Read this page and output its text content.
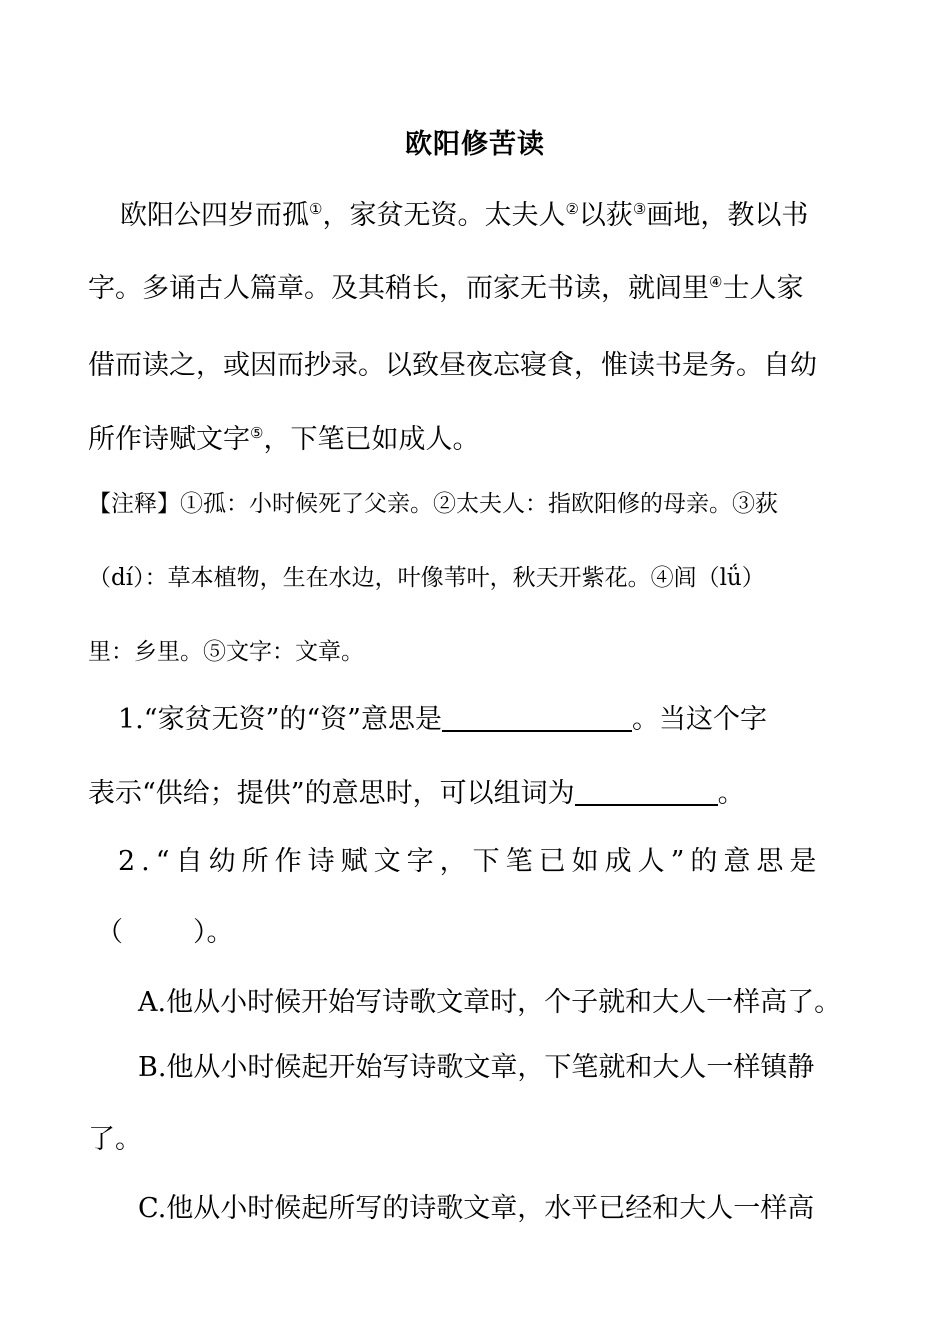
欧阳修苦读
欧阳公四岁而孤①，家贫无资。太夫人②以荻③画地，教以书
字。多诵古人篇章。及其稍长，而家无书读，就闾里④士人家
借而读之，或因而抄录。以致昼夜忘寝食，惟读书是务。自幼
所作诗赋文字⑤，下笔已如成人。
【注释】①孤：小时候死了父亲。②太夫人：指欧阳修的母亲。③荻
（dí）：草本植物，生在水边，叶像苇叶，秋天开紫花。④闾（lǘ）
里：乡里。⑤文字：文章。
1.“家贫无资”的“资”意思是	。当这个字
表示“供给；提供”的意思时，可以组词为	。
2.“自幼所作诗赋文字，下笔已如成人”的意思是
（	）。
A.他从小时候开始写诗歌文章时，个子就和大人一样高了。
B.他从小时候起开始写诗歌文章，下笔就和大人一样镇静
了。
C.他从小时候起所写的诗歌文章，水平已经和大人一样高
